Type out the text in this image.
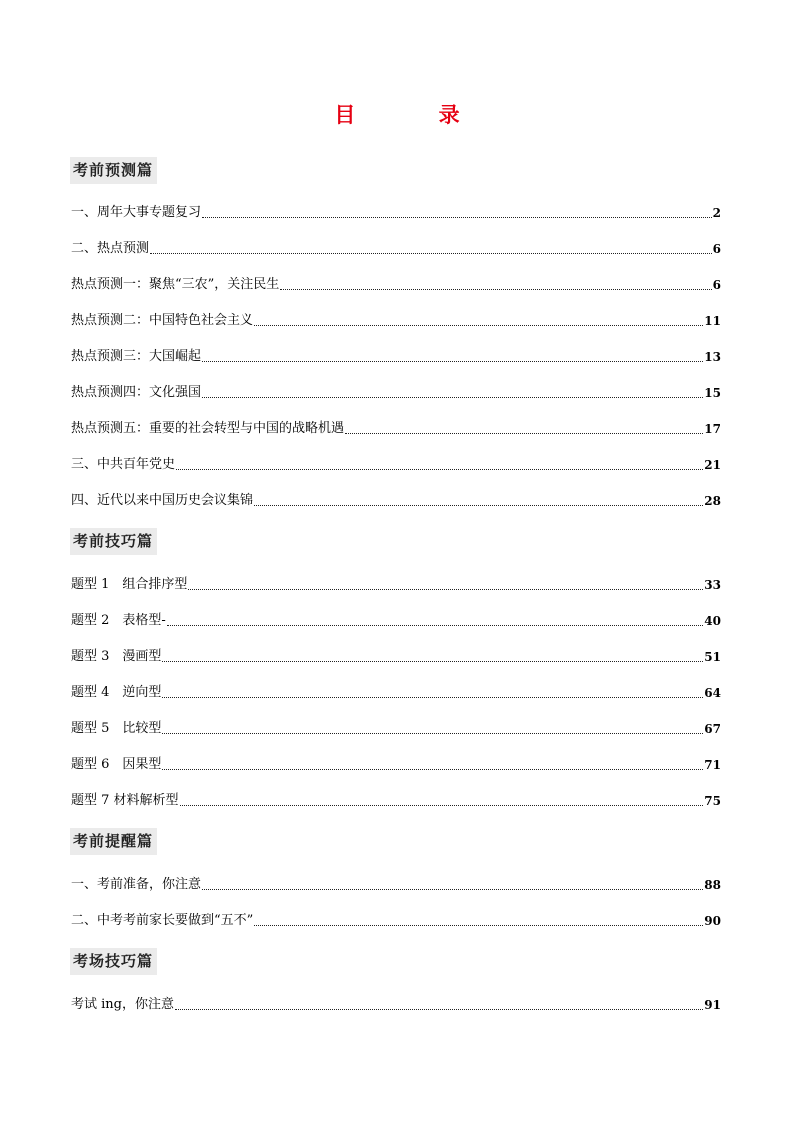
目 录
考前预测篇
一、周年大事专题复习	2
二、热点预测	6
热点预测一：聚焦“三农”，关注民生	6
热点预测二：中国特色社会主义	11
热点预测三：大国崛起	13
热点预测四：文化强国	15
热点预测五：重要的社会转型与中国的战略机遇	17
三、中共百年党史	21
四、近代以来中国历史会议集锦	28
考前技巧篇
题型 1　组合排序型	33
题型 2　表格型-	40
题型 3　漫画型	51
题型 4　逆向型	64
题型 5　比较型	67
题型 6　因果型	71
题型 7 材料解析型	75
考前提醒篇
一、考前准备，你注意	88
二、中考考前家长要做到“五不”	90
考场技巧篇
考试 ing，你注意	91
